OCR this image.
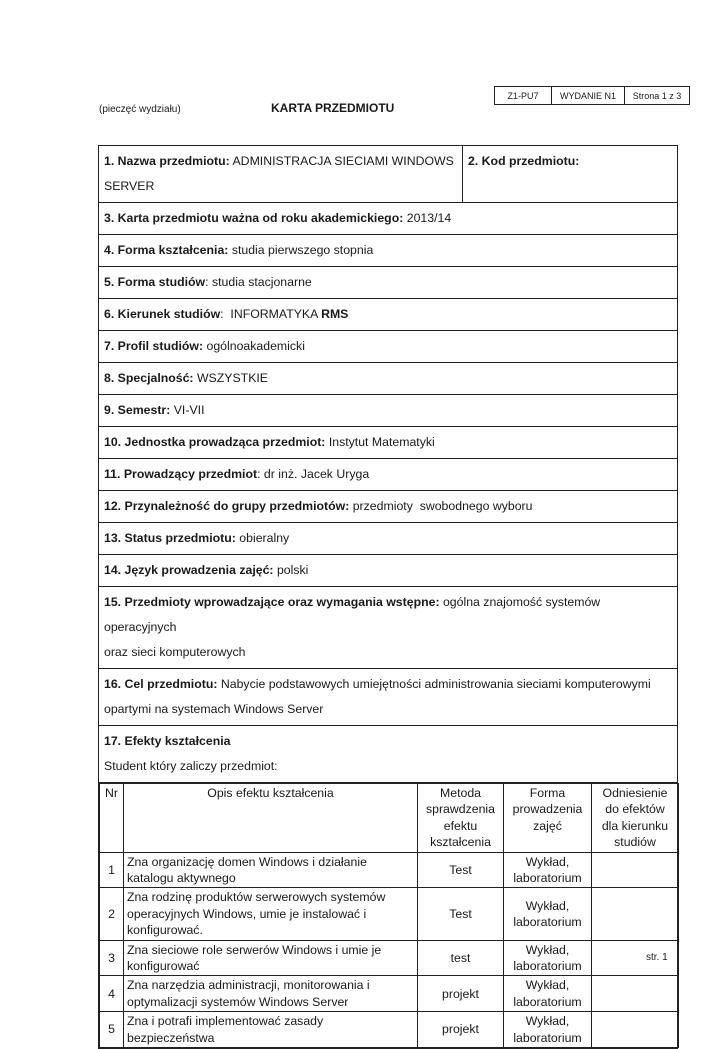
Z1-PU7	WYDANIE N1	Strona 1 z 3
(pieczęć wydziału)	KARTA PRZEDMIOTU
1. Nazwa przedmiotu: ADMINISTRACJA SIECIAMI WINDOWS
SERVER	2. Kod przedmiotu:
3. Karta przedmiotu ważna od roku akademickiego: 2013/14
4. Forma kształcenia: studia pierwszego stopnia
5. Forma studiów: studia stacjonarne
6. Kierunek studiów:  INFORMATYKA RMS
7. Profil studiów: ogólnoakademicki
8. Specjalność: WSZYSTKIE
9. Semestr: VI-VII
10. Jednostka prowadząca przedmiot: Instytut Matematyki
11. Prowadzący przedmiot: dr inż. Jacek Uryga
12. Przynależność do grupy przedmiotów: przedmioty  swobodnego wyboru
13. Status przedmiotu: obieralny
14. Język prowadzenia zajęć: polski
15. Przedmioty wprowadzające oraz wymagania wstępne: ogólna znajomość systemów operacyjnych
oraz sieci komputerowych
16. Cel przedmiotu: Nabycie podstawowych umiejętności administrowania sieciami komputerowymi
opartymi na systemach Windows Server
17. Efekty kształcenia
Student który zaliczy przedmiot:

Nr	Opis efektu kształcenia	Metoda
sprawdzenia
efektu
kształcenia	Forma
prowadzenia
zajęć	Odniesienie
do efektów
dla kierunku
studiów
1	Zna organizację domen Windows i działanie
katalogu aktywnego	Test	Wykład,
laboratorium	
2	Zna rodzinę produktów serwerowych systemów
operacyjnych Windows, umie je instalować i
konfigurować.	Test	Wykład,
laboratorium	
3	Zna sieciowe role serwerów Windows i umie je
konfigurować	test	Wykład,
laboratorium	
4	Zna narzędzia administracji, monitorowania i
optymalizacji systemów Windows Server	projekt	Wykład,
laboratorium	
5	Zna i potrafi implementować zasady
bezpieczeństwa	projekt	Wykład,
laboratorium	
str. 1
